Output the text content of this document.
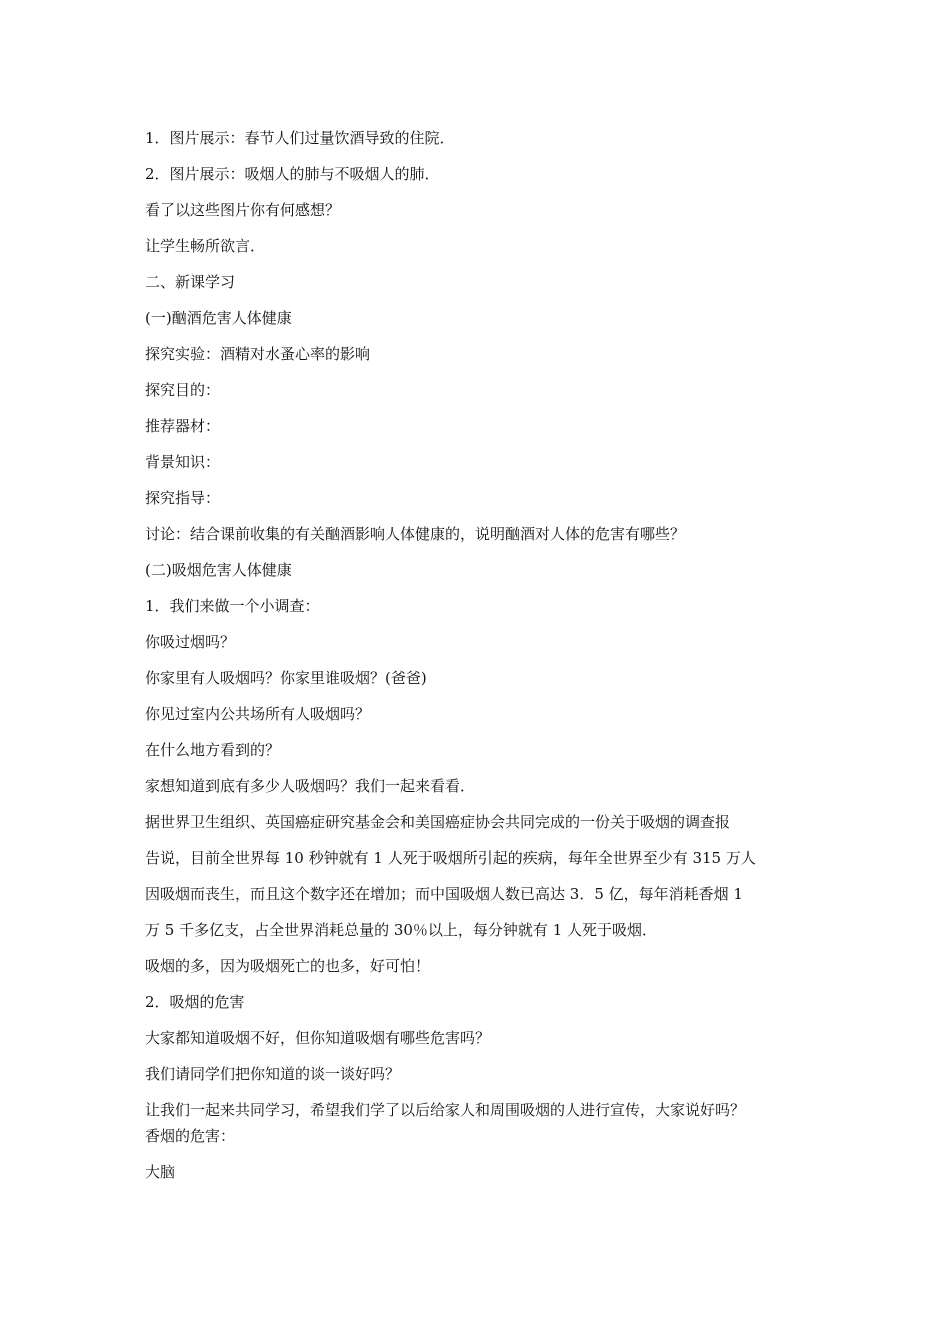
1．图片展示：春节人们过量饮酒导致的住院．
2．图片展示：吸烟人的肺与不吸烟人的肺．
看了以这些图片你有何感想？
让学生畅所欲言．
二、新课学习
(一)酗酒危害人体健康
探究实验：酒精对水蚤心率的影响
探究目的：
推荐器材：
背景知识：
探究指导：
讨论：结合课前收集的有关酗酒影响人体健康的，说明酗酒对人体的危害有哪些？
(二)吸烟危害人体健康
1．我们来做一个小调查：
你吸过烟吗？
你家里有人吸烟吗？你家里谁吸烟？(爸爸)
你见过室内公共场所有人吸烟吗？
在什么地方看到的？
家想知道到底有多少人吸烟吗？我们一起来看看．
据世界卫生组织、英国癌症研究基金会和美国癌症协会共同完成的一份关于吸烟的调查报
告说，目前全世界每 10 秒钟就有 1 人死于吸烟所引起的疾病，每年全世界至少有 315 万人
因吸烟而丧生，而且这个数字还在增加；而中国吸烟人数已高达 3．5 亿，每年消耗香烟 1
万 5 千多亿支，占全世界消耗总量的 30％以上，每分钟就有 1 人死于吸烟．
吸烟的多，因为吸烟死亡的也多，好可怕！
2．吸烟的危害
大家都知道吸烟不好，但你知道吸烟有哪些危害吗？
我们请同学们把你知道的谈一谈好吗？
让我们一起来共同学习，希望我们学了以后给家人和周围吸烟的人进行宣传，大家说好吗？
香烟的危害：
大脑
